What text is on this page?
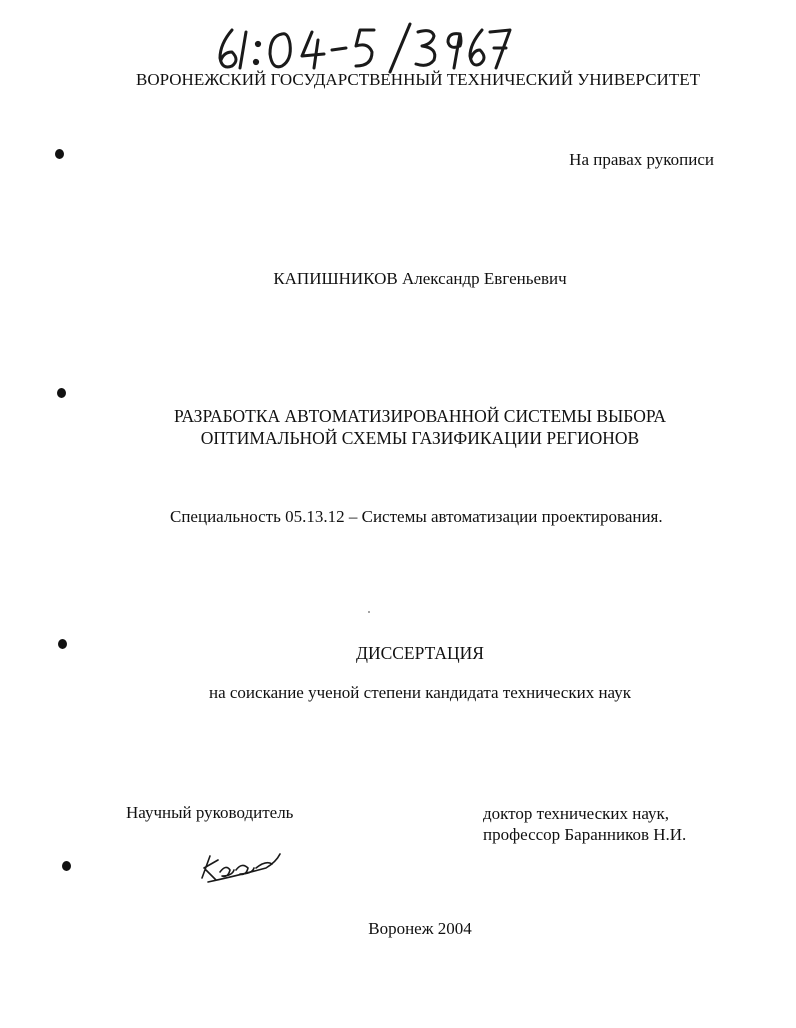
ВОРОНЕЖСКИЙ ГОСУДАРСТВЕННЫЙ ТЕХНИЧЕСКИЙ УНИВЕРСИТЕТ
На правах рукописи
КАПИШНИКОВ Александр Евгеньевич
РАЗРАБОТКА АВТОМАТИЗИРОВАННОЙ СИСТЕМЫ ВЫБОРА
ОПТИМАЛЬНОЙ СХЕМЫ ГАЗИФИКАЦИИ РЕГИОНОВ
Специальность 05.13.12 – Системы автоматизации проектирования.
ДИССЕРТАЦИЯ
на соискание ученой степени кандидата технических наук
Научный руководитель	доктор технических наук,
профессор Баранников Н.И.
Воронеж 2004
